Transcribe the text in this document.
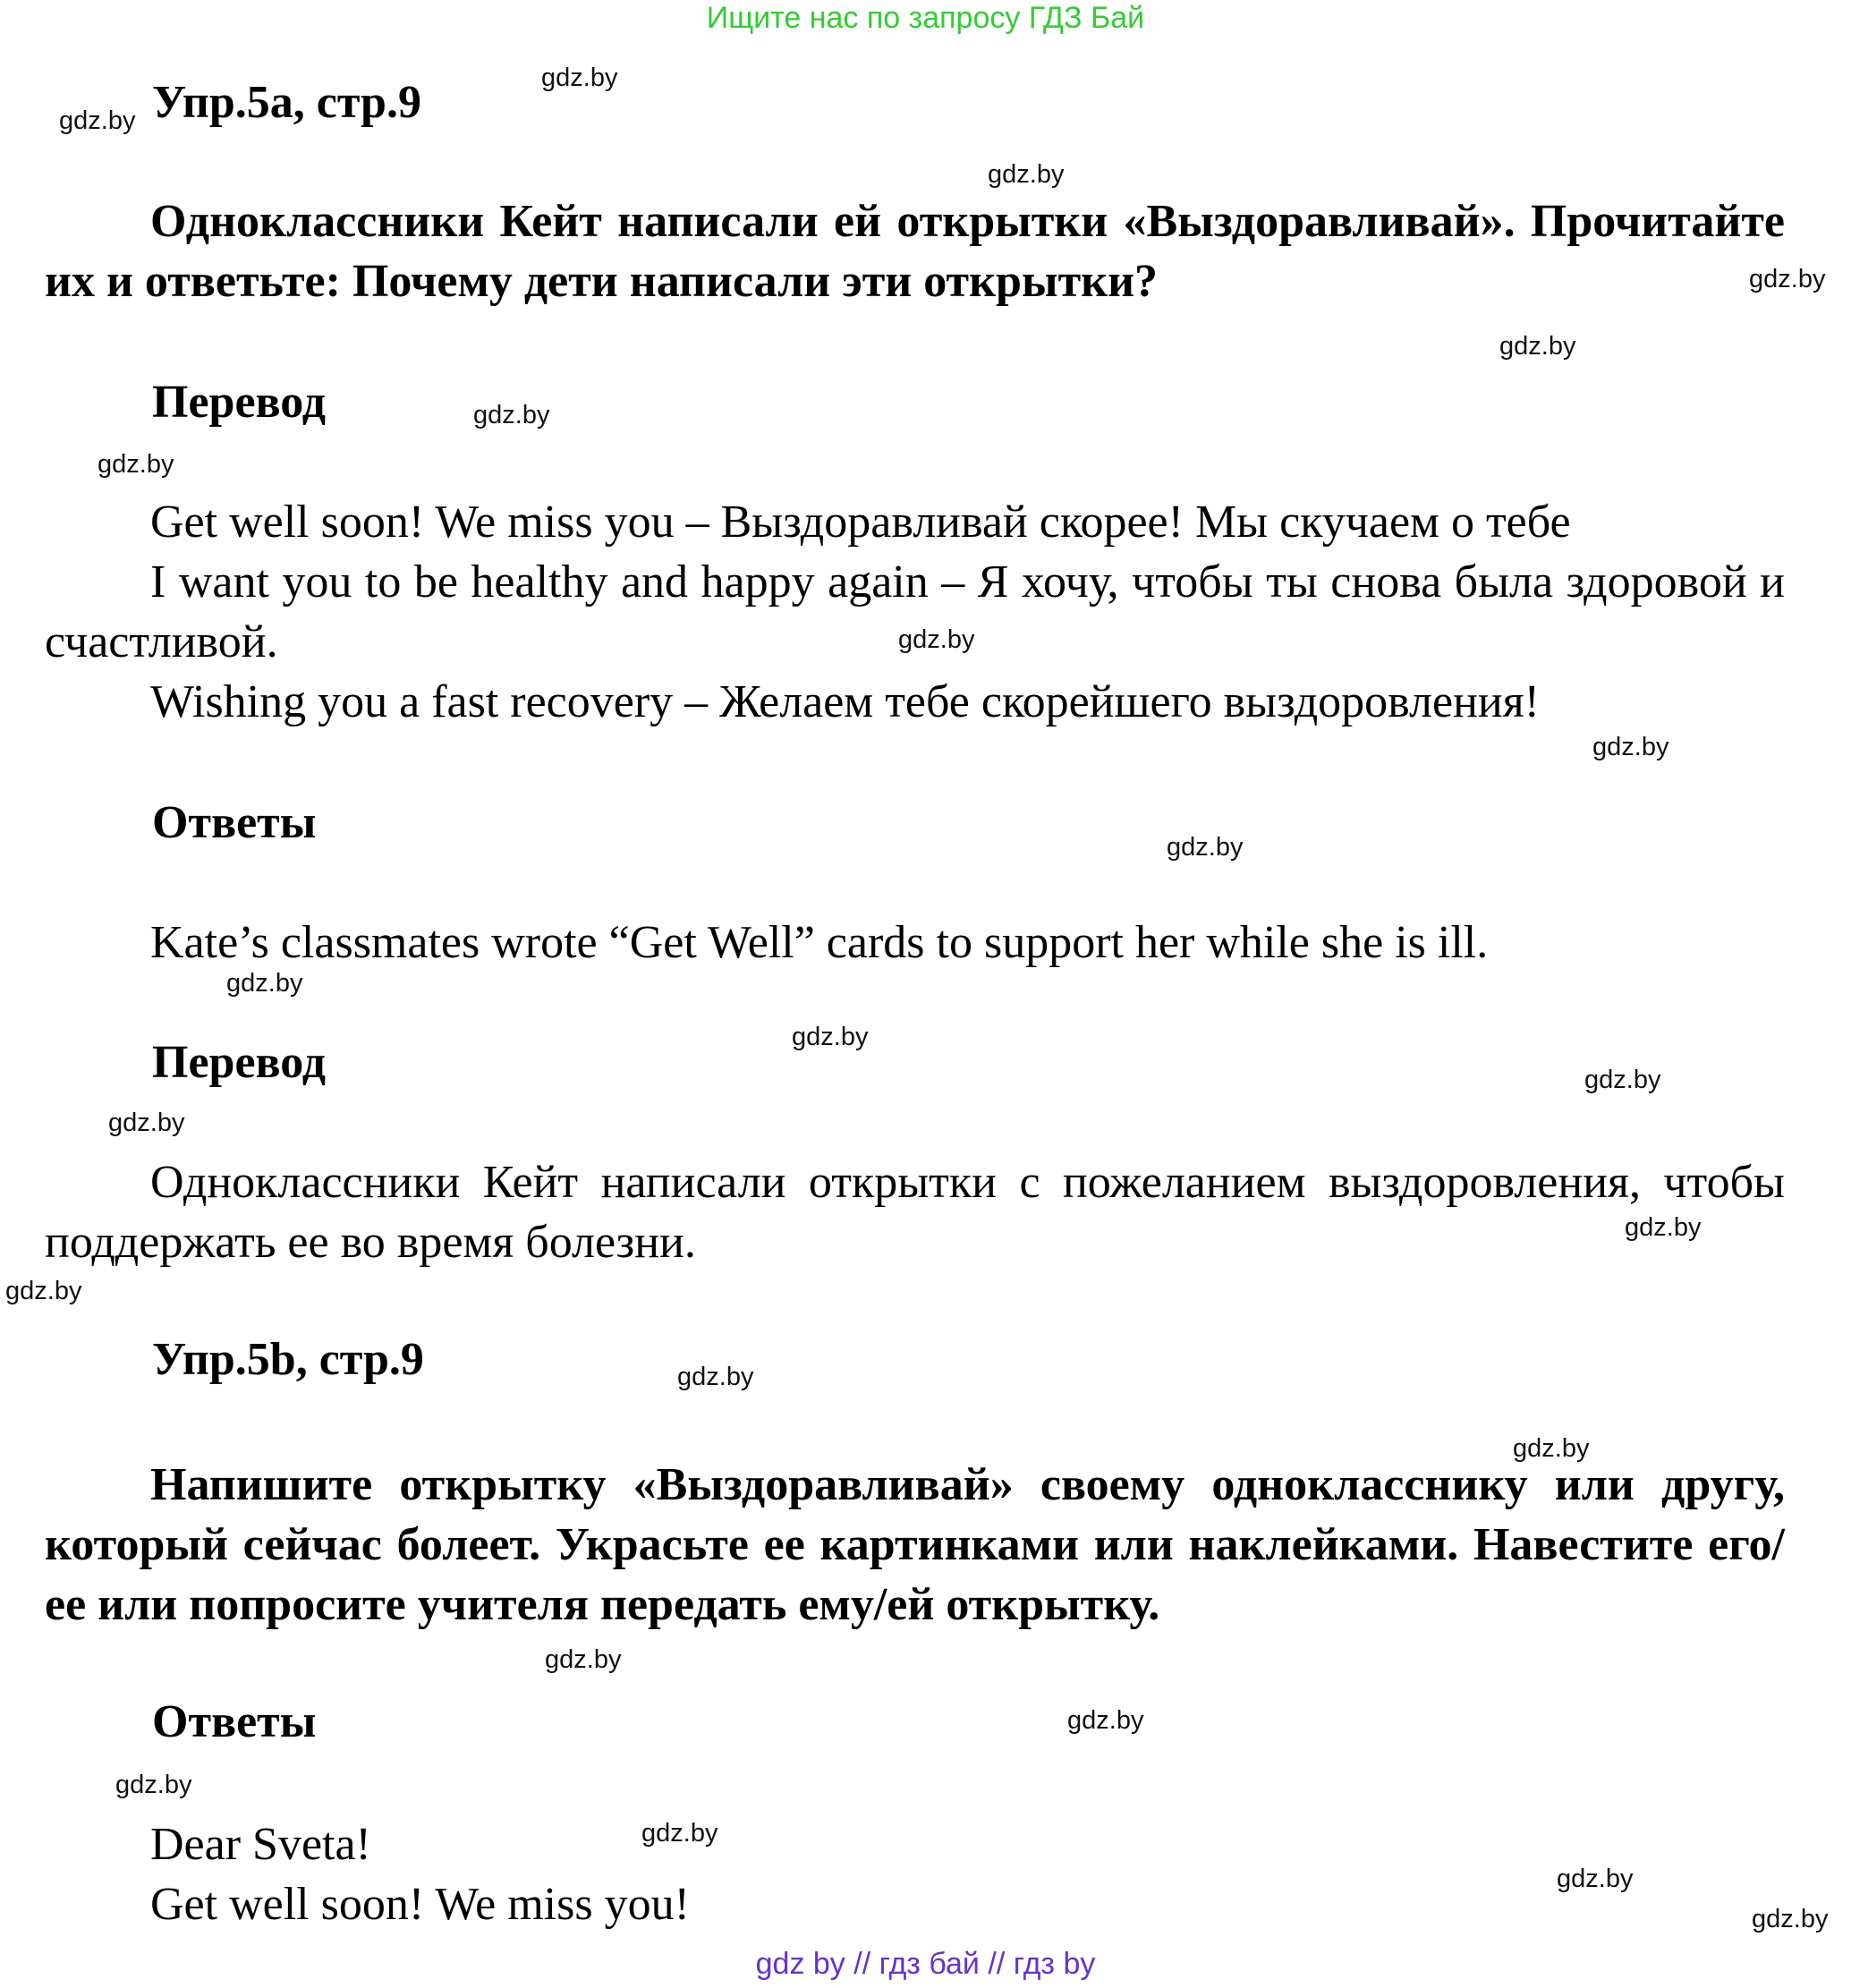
Ищите нас по запросу ГДЗ Бай
Упр.5a, стр.9
Одноклассники Кейт написали ей открытки «Выздоравливай». Прочитайте их и ответьте: Почему дети написали эти открытки?
Перевод

Get well soon! We miss you – Выздоравливай скорее! Мы скучаем о тебе

I want you to be healthy and happy again – Я хочу, чтобы ты снова была здоровой и счастливой.

Wishing you a fast recovery – Желаем тебе скорейшего выздоровления!

Ответы

Kate’s classmates wrote “Get Well” cards to support her while she is ill.

Перевод

Одноклассники Кейт написали открытки с пожеланием выздоровления, чтобы поддержать ее во время болезни.

Упр.5b, стр.9
Напишите открытку «Выздоравливай» своему однокласснику или другу, который сейчас болеет. Украсьте ее картинками или наклейками. Навестите его/ее или попросите учителя передать ему/ей открытку.
Ответы

Dear Sveta!

Get well soon! We miss you!

gdz.by
gdz.by
gdz.by
gdz.by
gdz.by
gdz.by
gdz.by
gdz.by
gdz.by
gdz.by
gdz.by
gdz.by
gdz.by
gdz.by
gdz.by
gdz.by
gdz.by
gdz.by
gdz.by
gdz.by
gdz.by
gdz.by
gdz.by
gdz.by
gdz by // гдз бай // гдз by
